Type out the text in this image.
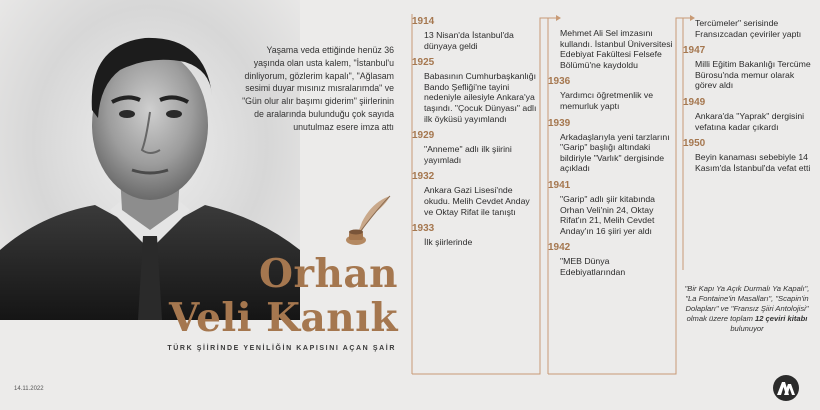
Yaşama veda ettiğinde henüz 36 yaşında olan usta kalem, "İstanbul'u dinliyorum, gözlerim kapalı", "Ağlasam sesimi duyar mısınız mısralarımda" ve "Gün olur alır başımı giderim" şiirlerinin de aralarında bulunduğu çok sayıda unutulmaz esere imza attı
Orhan
Veli Kanık
TÜRK ŞİİRİNDE YENİLİĞİN KAPISINI AÇAN ŞAİR
14.11.2022
1914
13 Nisan'da İstanbul'da dünyaya geldi
1925
Babasının Cumhurbaşkanlığı Bando Şefliği'ne tayini nedeniyle ailesiyle Ankara'ya taşındı. "Çocuk Dünyası" adlı ilk öyküsü yayımlandı
1929
"Anneme" adlı ilk şiirini yayımladı
1932
Ankara Gazi Lisesi'nde okudu. Melih Cevdet Anday ve Oktay Rifat ile tanıştı
1933
İlk şiirlerinde
Mehmet Ali Sel imzasını kullandı. İstanbul Üniversitesi Edebiyat Fakültesi Felsefe Bölümü'ne kaydoldu
1936
Yardımcı öğretmenlik ve memurluk yaptı
1939
Arkadaşlarıyla yeni tarzlarını "Garip" başlığı altındaki bildiriyle "Varlık" dergisinde açıkladı
1941
"Garip" adlı şiir kitabında Orhan Veli'nin 24, Oktay Rifat'ın 21, Melih Cevdet Anday'ın 16 şiiri yer aldı
1942
"MEB Dünya Edebiyatlarından
Tercümeler" serisinde Fransızcadan çeviriler yaptı
1947
Milli Eğitim Bakanlığı Tercüme Bürosu'nda memur olarak görev aldı
1949
Ankara'da "Yaprak" dergisini vefatına kadar çıkardı
1950
Beyin kanaması sebebiyle 14 Kasım'da İstanbul'da vefat etti
"Bir Kapı Ya Açık Durmalı Ya Kapalı", "La Fontaine'in Masalları", "Scapin'in Dolapları" ve "Fransız Şiiri Antolojisi" olmak üzere toplam 12 çeviri kitabı bulunuyor
